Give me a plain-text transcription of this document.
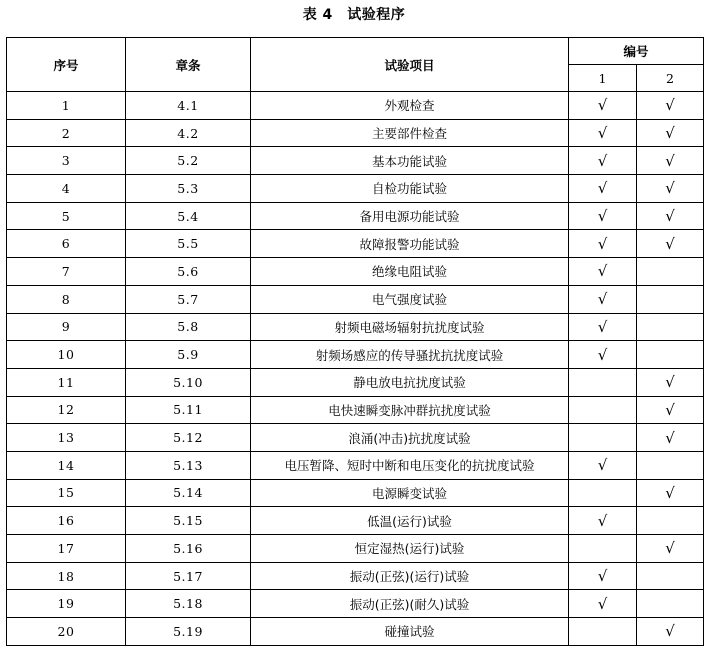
表 4　试验程序
序号	章条	试验项目	编号	
			1	2
1	4.1	外观检查	√	√
2	4.2	主要部件检查	√	√
3	5.2	基本功能试验	√	√
4	5.3	自检功能试验	√	√
5	5.4	备用电源功能试验	√	√
6	5.5	故障报警功能试验	√	√
7	5.6	绝缘电阻试验	√	
8	5.7	电气强度试验	√	
9	5.8	射频电磁场辐射抗扰度试验	√	
10	5.9	射频场感应的传导骚扰抗扰度试验	√	
11	5.10	静电放电抗扰度试验		√
12	5.11	电快速瞬变脉冲群抗扰度试验		√
13	5.12	浪涌(冲击)抗扰度试验		√
14	5.13	电压暂降、短时中断和电压变化的抗扰度试验	√	
15	5.14	电源瞬变试验		√
16	5.15	低温(运行)试验	√	
17	5.16	恒定湿热(运行)试验		√
18	5.17	振动(正弦)(运行)试验	√	
19	5.18	振动(正弦)(耐久)试验	√	
20	5.19	碰撞试验		√
